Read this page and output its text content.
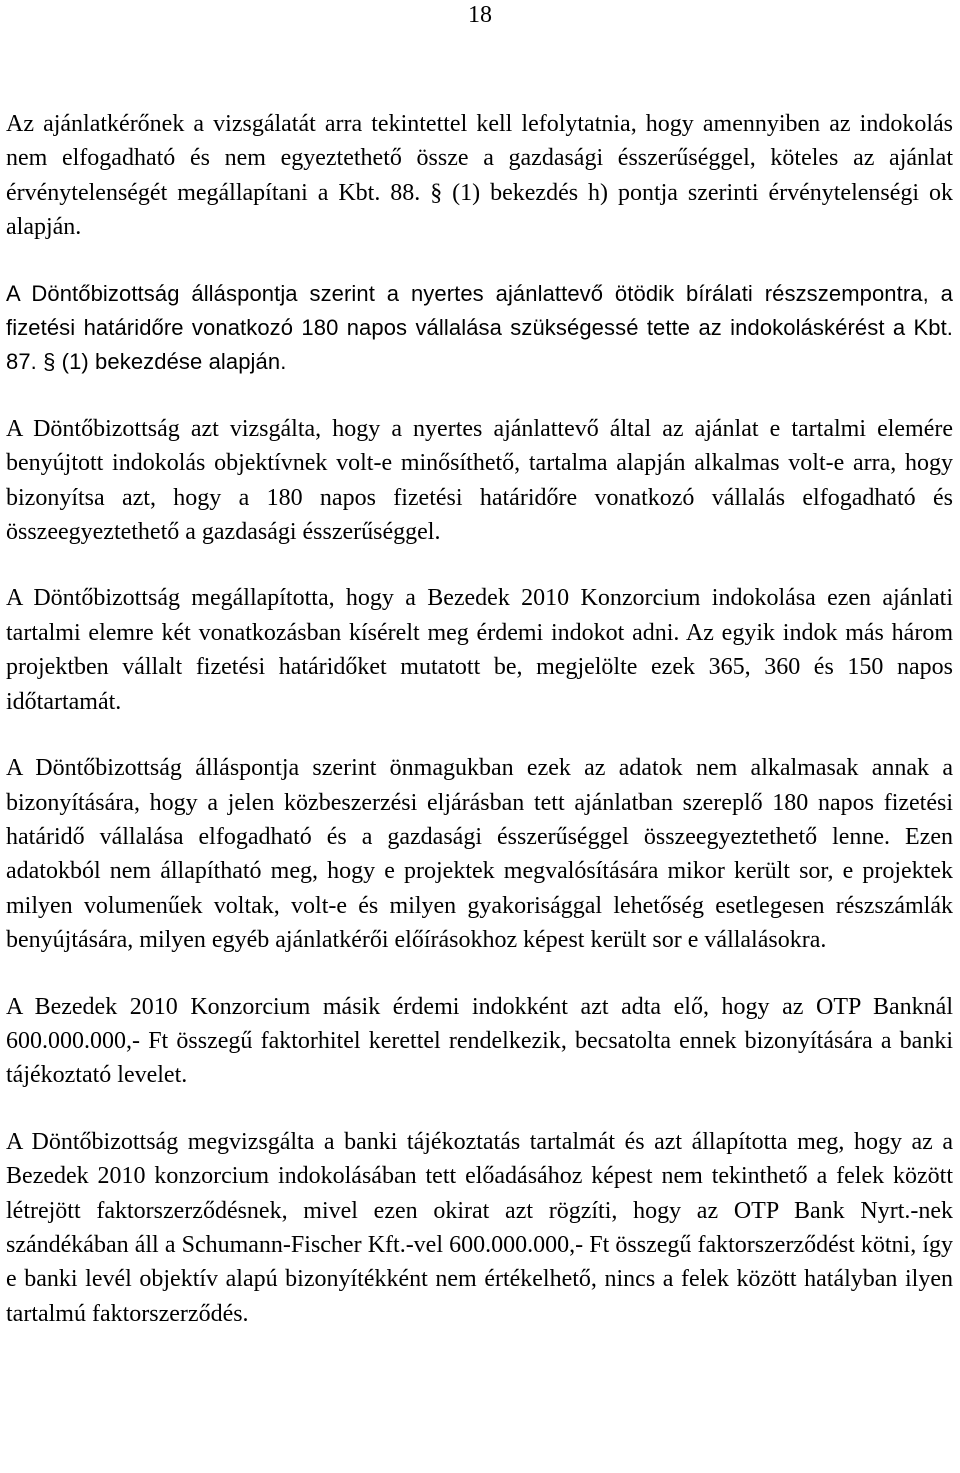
18

Az ajánlatkérőnek a vizsgálatát arra tekintettel kell lefolytatnia, hogy amennyiben az indokolás nem elfogadható és nem egyeztethető össze a gazdasági ésszerűséggel, köteles az ajánlat érvénytelenségét megállapítani a Kbt. 88. § (1) bekezdés h) pontja szerinti érvénytelenségi ok alapján.

A Döntőbizottság álláspontja szerint a nyertes ajánlattevő ötödik bírálati részszempontra, a fizetési határidőre vonatkozó 180 napos vállalása szükségessé tette az indokoláskérést a Kbt. 87. § (1) bekezdése alapján.

A Döntőbizottság azt vizsgálta, hogy a nyertes ajánlattevő által az ajánlat e tartalmi elemére benyújtott indokolás objektívnek volt-e minősíthető, tartalma alapján alkalmas volt-e arra, hogy bizonyítsa azt, hogy a 180 napos fizetési határidőre vonatkozó vállalás elfogadható és összeegyeztethető a gazdasági ésszerűséggel.

A Döntőbizottság megállapította, hogy a Bezedek 2010 Konzorcium indokolása ezen ajánlati tartalmi elemre két vonatkozásban kísérelt meg érdemi indokot adni. Az egyik indok más három projektben vállalt fizetési határidőket mutatott be, megjelölte ezek 365, 360 és 150 napos időtartamát.

A Döntőbizottság álláspontja szerint önmagukban ezek az adatok nem alkalmasak annak a bizonyítására, hogy a jelen közbeszerzési eljárásban tett ajánlatban szereplő 180 napos fizetési határidő vállalása elfogadható és a gazdasági ésszerűséggel összeegyeztethető lenne. Ezen adatokból nem állapítható meg, hogy e projektek megvalósítására mikor került sor, e projektek milyen volumenűek voltak, volt-e és milyen gyakorisággal lehetőség esetlegesen részszámlák benyújtására, milyen egyéb ajánlatkérői előírásokhoz képest került sor e vállalásokra.

A Bezedek 2010 Konzorcium másik érdemi indokként azt adta elő, hogy az OTP Banknál 600.000.000,- Ft összegű faktorhitel kerettel rendelkezik, becsatolta ennek bizonyítására a banki tájékoztató levelet.

A Döntőbizottság megvizsgálta a banki tájékoztatás tartalmát és azt állapította meg, hogy az a Bezedek 2010 konzorcium indokolásában tett előadásához képest nem tekinthető a felek között létrejött faktorszerződésnek, mivel ezen okirat azt rögzíti, hogy az OTP Bank Nyrt.-nek szándékában áll a Schumann-Fischer Kft.-vel 600.000.000,- Ft összegű faktorszerződést kötni, így e banki levél objektív alapú bizonyítékként nem értékelhető, nincs a felek között hatályban ilyen tartalmú faktorszerződés.
